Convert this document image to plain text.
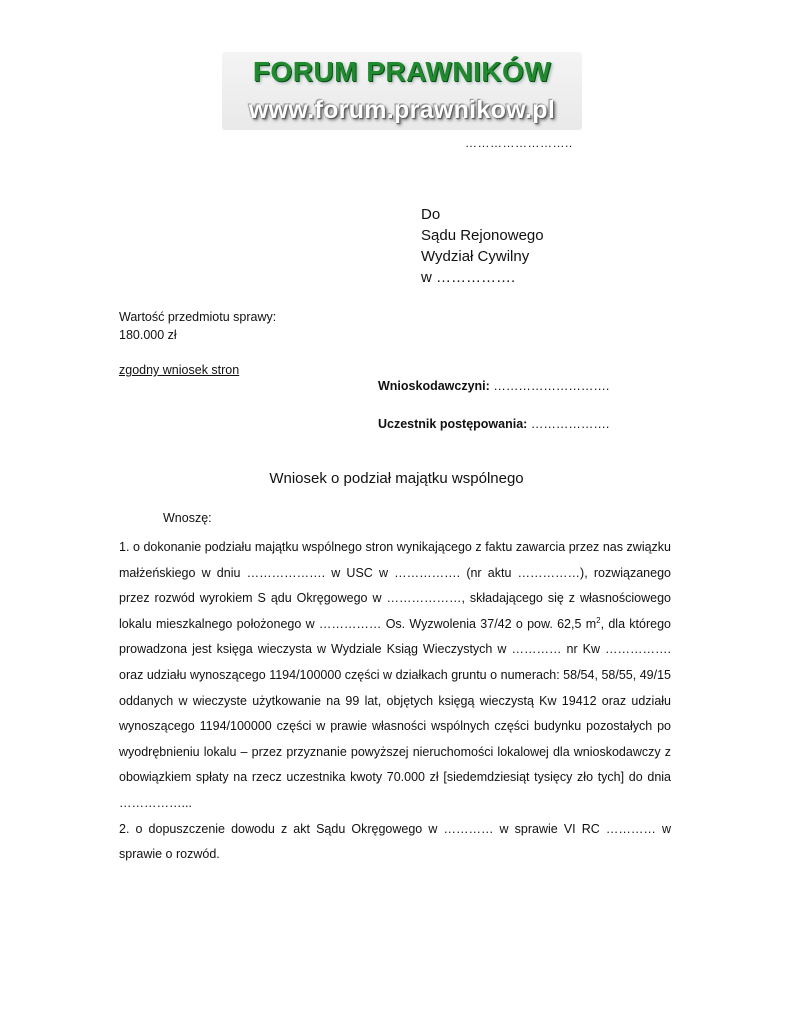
FORUM PRAWNIKÓW
www.forum.prawnikow.pl
……………………..
Do
Sądu Rejonowego
Wydział Cywilny
w …………….
Wartość przedmiotu sprawy:
180.000 zł
zgodny wniosek stron
Wnioskodawczyni: ……………………….
Uczestnik postępowania: ……………….
Wniosek o podział majątku wspólnego
Wnoszę:

1. o dokonanie podziału majątku wspólnego stron wynikającego z faktu zawarcia przez nas związku małżeńskiego w dniu ………………. w USC w ……………. (nr aktu ……………), rozwiązanego przez rozwód wyrokiem S ądu Okręgowego w ………………, składającego się z własnościowego lokalu mieszkalnego położonego w …………… Os. Wyzwolenia 37/42 o pow. 62,5 $m^2$, dla którego prowadzona jest księga wieczysta w Wydziale Ksiąg Wieczystych w ………… nr Kw ……………. oraz udziału wynoszącego 1194/100000 części w działkach gruntu o numerach: 58/54, 58/55, 49/15 oddanych w wieczyste użytkowanie na 99 lat, objętych księgą wieczystą Kw 19412 oraz udziału wynoszącego 1194/100000 części w prawie własności wspólnych części budynku pozostałych po wyodrębnieniu lokalu – przez przyznanie powyższej nieruchomości lokalowej dla wnioskodawczy z obowiązkiem spłaty na rzecz uczestnika kwoty 70.000 zł [siedemdziesiąt tysięcy zło tych] do dnia ……………...

2. o dopuszczenie dowodu z akt Sądu Okręgowego w ………… w sprawie VI RC ………… w sprawie o rozwód.
